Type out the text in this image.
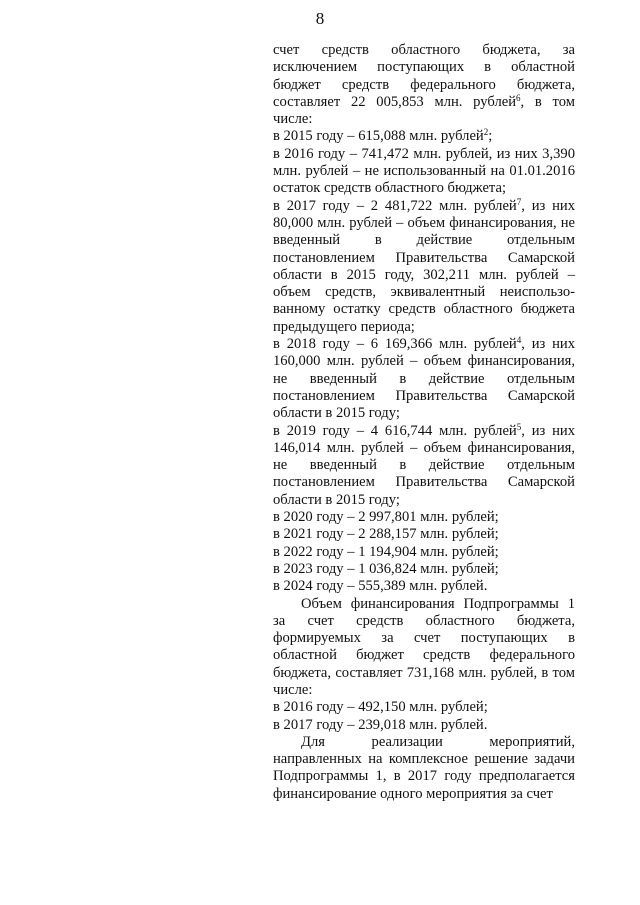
8

счет средств областного бюджета, за исключением поступающих в областной бюджет средств федерального бюджета, составляет 22 005,853 млн. рублей$^6$, в том числе:

в 2015 году – 615,088 млн. рублей$^2$;

в 2016 году – 741,472 млн. рублей, из них 3,390 млн. рублей – не использованный на 01.01.2016 остаток средств областного бюджета;

в 2017 году – 2 481,722 млн. рублей$^7$, из них 80,000 млн. рублей – объем финансирования, не введенный в действие отдельным постановлением Правительства Самарской области в 2015 году, 302,211 млн. рублей – объем средств, эквивалентный неиспользованному остатку средств областного бюджета предыдущего периода;

в 2018 году – 6 169,366 млн. рублей$^4$, из них 160,000 млн. рублей – объем финансирования, не введенный в действие отдельным постановлением Правительства Самарской области в 2015 году;

в 2019 году – 4 616,744 млн. рублей$^5$, из них 146,014 млн. рублей – объем финансирования, не введенный в действие отдельным постановлением Правительства Самарской области в 2015 году;

в 2020 году – 2 997,801 млн. рублей;

в 2021 году – 2 288,157 млн. рублей;

в 2022 году – 1 194,904 млн. рублей;

в 2023 году – 1 036,824 млн. рублей;

в 2024 году – 555,389 млн. рублей.

Объем финансирования Подпрограммы 1 за счет средств областного бюджета, формируемых за счет поступающих в областной бюджет средств федерального бюджета, составляет 731,168 млн. рублей, в том числе:

в 2016 году – 492,150 млн. рублей;

в 2017 году – 239,018 млн. рублей.

Для реализации мероприятий, направленных на комплексное решение задачи Подпрограммы 1, в 2017 году предполагается финансирование одного мероприятия за счет
